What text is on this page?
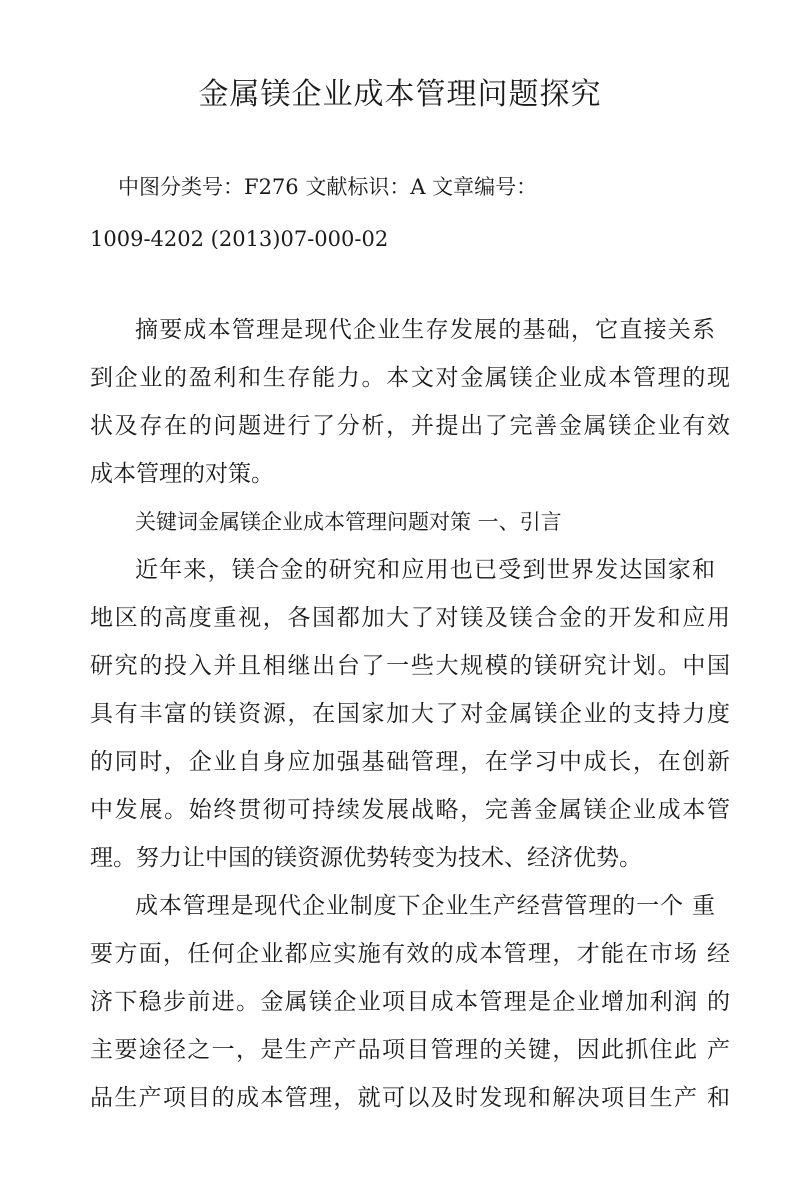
金属镁企业成本管理问题探究

中图分类号：F276 文献标识：A 文章编号：

1009-4202 (2013)07-000-02

摘要成本管理是现代企业生存发展的基础，它直接关系

到企业的盈利和生存能力。本文对金属镁企业成本管理的现

状及存在的问题进行了分析，并提出了完善金属镁企业有效

成本管理的对策。

关键词金属镁企业成本管理问题对策 一、引言

近年来，镁合金的研究和应用也已受到世界发达国家和

地区的高度重视，各国都加大了对镁及镁合金的开发和应用

研究的投入并且相继出台了一些大规模的镁研究计划。中国

具有丰富的镁资源，在国家加大了对金属镁企业的支持力度

的同时，企业自身应加强基础管理，在学习中成长，在创新

中发展。始终贯彻可持续发展战略，完善金属镁企业成本管

理。努力让中国的镁资源优势转变为技术、经济优势。

成本管理是现代企业制度下企业生产经营管理的一个 重

要方面，任何企业都应实施有效的成本管理，才能在市场 经

济下稳步前进。金属镁企业项目成本管理是企业增加利润 的

主要途径之一，是生产产品项目管理的关键，因此抓住此 产

品生产项目的成本管理，就可以及时发现和解决项目生产 和
